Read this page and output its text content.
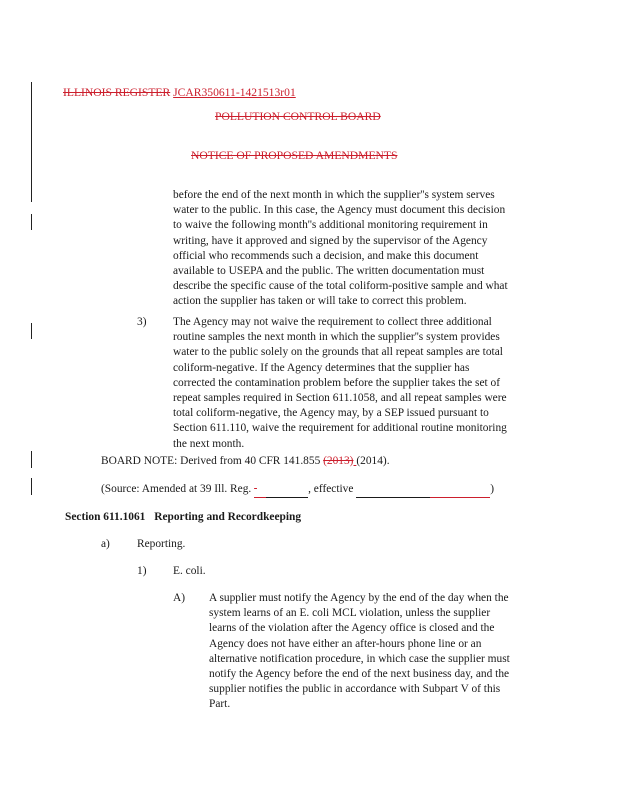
ILLINOIS REGISTER JCAR350611-1421513r01
POLLUTION CONTROL BOARD
NOTICE OF PROPOSED AMENDMENTS
before the end of the next month in which the supplier''s system serves
water to the public. In this case, the Agency must document this decision
to waive the following month''s additional monitoring requirement in
writing, have it approved and signed by the supervisor of the Agency
official who recommends such a decision, and make this document
available to USEPA and the public. The written documentation must
describe the specific cause of the total coliform-positive sample and what
action the supplier has taken or will take to correct this problem.
3) The Agency may not waive the requirement to collect three additional
routine samples the next month in which the supplier''s system provides
water to the public solely on the grounds that all repeat samples are total
coliform-negative. If the Agency determines that the supplier has
corrected the contamination problem before the supplier takes the set of
repeat samples required in Section 611.1058, and all repeat samples were
total coliform-negative, the Agency may, by a SEP issued pursuant to
Section 611.110, waive the requirement for additional routine monitoring
the next month.
BOARD NOTE: Derived from 40 CFR 141.855 (2013) (2014).
(Source: Amended at 39 Ill. Reg.	, effective	)
Section 611.1061 Reporting and Recordkeeping
a) Reporting.
1) E. coli.
A) A supplier must notify the Agency by the end of the day when the
system learns of an E. coli MCL violation, unless the supplier
learns of the violation after the Agency office is closed and the
Agency does not have either an after-hours phone line or an
alternative notification procedure, in which case the supplier must
notify the Agency before the end of the next business day, and the
supplier notifies the public in accordance with Subpart V of this
Part.
